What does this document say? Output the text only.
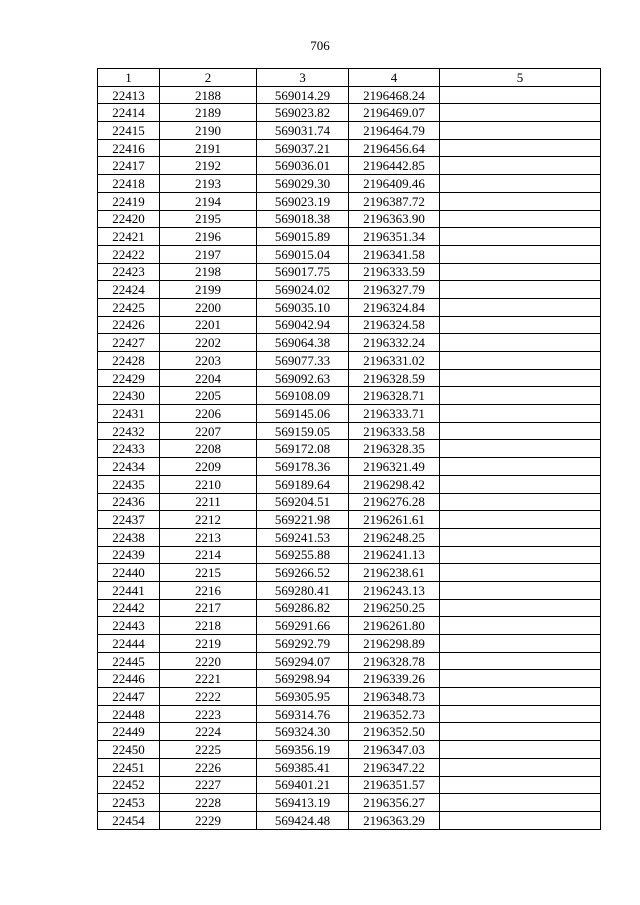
706
1	2	3	4	5
22413	2188	569014.29	2196468.24	
22414	2189	569023.82	2196469.07	
22415	2190	569031.74	2196464.79	
22416	2191	569037.21	2196456.64	
22417	2192	569036.01	2196442.85	
22418	2193	569029.30	2196409.46	
22419	2194	569023.19	2196387.72	
22420	2195	569018.38	2196363.90	
22421	2196	569015.89	2196351.34	
22422	2197	569015.04	2196341.58	
22423	2198	569017.75	2196333.59	
22424	2199	569024.02	2196327.79	
22425	2200	569035.10	2196324.84	
22426	2201	569042.94	2196324.58	
22427	2202	569064.38	2196332.24	
22428	2203	569077.33	2196331.02	
22429	2204	569092.63	2196328.59	
22430	2205	569108.09	2196328.71	
22431	2206	569145.06	2196333.71	
22432	2207	569159.05	2196333.58	
22433	2208	569172.08	2196328.35	
22434	2209	569178.36	2196321.49	
22435	2210	569189.64	2196298.42	
22436	2211	569204.51	2196276.28	
22437	2212	569221.98	2196261.61	
22438	2213	569241.53	2196248.25	
22439	2214	569255.88	2196241.13	
22440	2215	569266.52	2196238.61	
22441	2216	569280.41	2196243.13	
22442	2217	569286.82	2196250.25	
22443	2218	569291.66	2196261.80	
22444	2219	569292.79	2196298.89	
22445	2220	569294.07	2196328.78	
22446	2221	569298.94	2196339.26	
22447	2222	569305.95	2196348.73	
22448	2223	569314.76	2196352.73	
22449	2224	569324.30	2196352.50	
22450	2225	569356.19	2196347.03	
22451	2226	569385.41	2196347.22	
22452	2227	569401.21	2196351.57	
22453	2228	569413.19	2196356.27	
22454	2229	569424.48	2196363.29	
